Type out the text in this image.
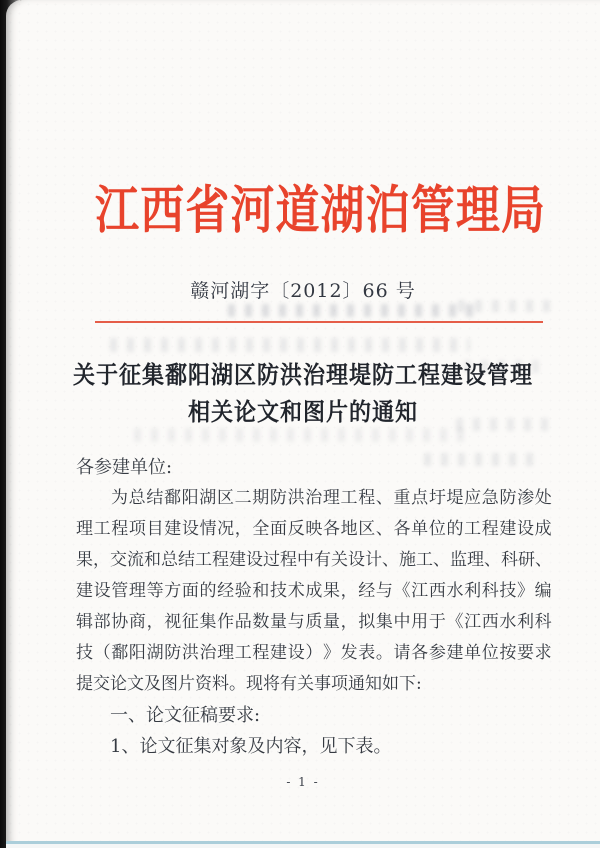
江 西 省 河 道 湖 泊 管 理 局
赣河湖字〔2012〕66 号
关于征集鄱阳湖区防洪治理堤防工程建设管理
相关论文和图片的通知
各参建单位:
为 总 结 鄱 阳 湖 区 二 期 防 洪 治 理 工 程 、 重 点 圩 堤 应 急 防 渗 处
理 工 程 项 目 建 设 情 况 ， 全 面 反 映 各 地 区 、 各 单 位 的 工 程 建 设 成
果 ， 交 流 和 总 结 工 程 建 设 过 程 中 有 关 设 计 、 施 工 、 监 理 、 科 研 、
建 设 管 理 等 方 面 的 经 验 和 技 术 成 果 ， 经 与 《 江 西 水 利 科 技 》 编
辑 部 协 商 ， 视 征 集 作 品 数 量 与 质 量 ， 拟 集 中 用 于 《 江 西 水 利 科
技 （ 鄱 阳 湖 防 洪 治 理 工 程 建 设 ） 》 发 表 。 请 各 参 建 单 位 按 要 求
提交论文及图片资料。现将有关事项通知如下:
一、论文征稿要求:
1、论文征集对象及内容，见下表。
- 1 -
